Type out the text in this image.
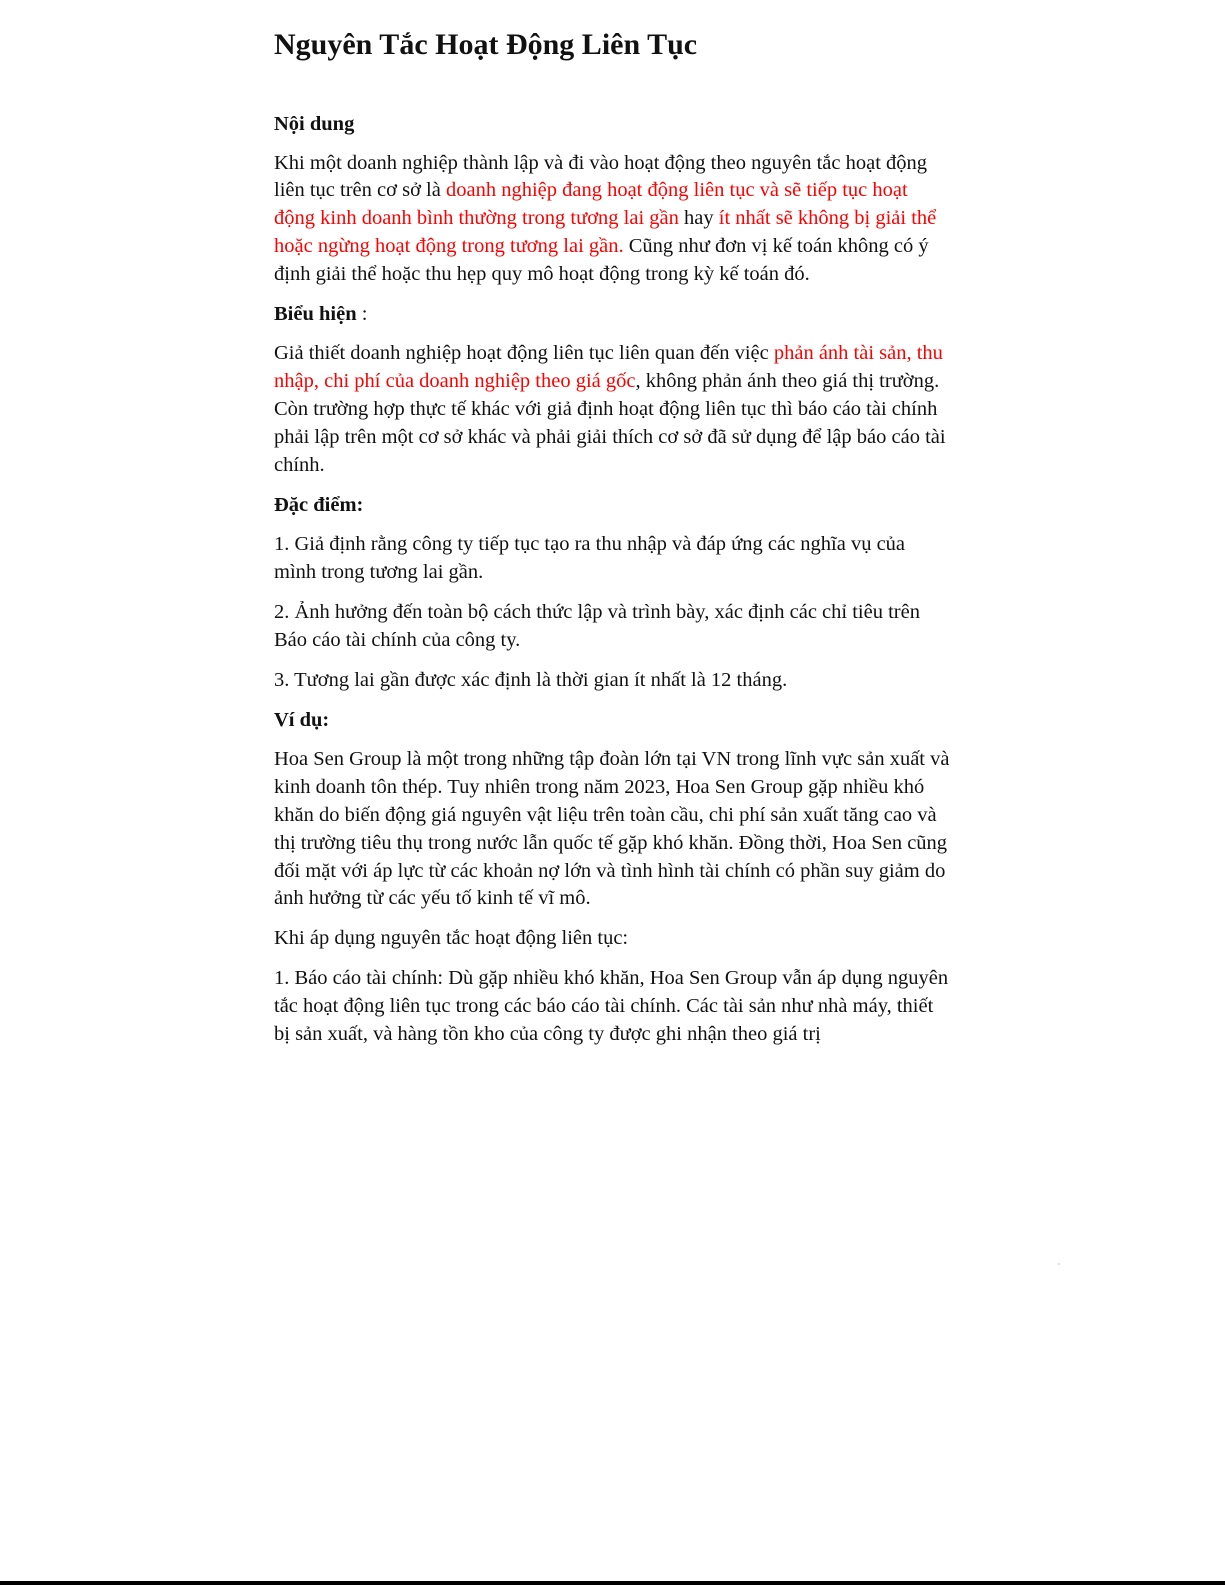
Nguyên Tắc Hoạt Động Liên Tục
Nội dung

Khi một doanh nghiệp thành lập và đi vào hoạt động theo nguyên tắc hoạt động liên tục trên cơ sở là doanh nghiệp đang hoạt động liên tục và sẽ tiếp tục hoạt động kinh doanh bình thường trong tương lai gần hay ít nhất sẽ không bị giải thể hoặc ngừng hoạt động trong tương lai gần. Cũng như đơn vị kế toán không có ý định giải thể hoặc thu hẹp quy mô hoạt động trong kỳ kế toán đó.

Biểu hiện :

Giả thiết doanh nghiệp hoạt động liên tục liên quan đến việc phản ánh tài sản, thu nhập, chi phí của doanh nghiệp theo giá gốc, không phản ánh theo giá thị trường. Còn trường hợp thực tế khác với giả định hoạt động liên tục thì báo cáo tài chính phải lập trên một cơ sở khác và phải giải thích cơ sở đã sử dụng để lập báo cáo tài chính.

Đặc điểm:

1. Giả định rằng công ty tiếp tục tạo ra thu nhập và đáp ứng các nghĩa vụ của mình trong tương lai gần.

2. Ảnh hưởng đến toàn bộ cách thức lập và trình bày, xác định các chỉ tiêu trên Báo cáo tài chính của công ty.

3. Tương lai gần được xác định là thời gian ít nhất là 12 tháng.

Ví dụ:

Hoa Sen Group là một trong những tập đoàn lớn tại VN trong lĩnh vực sản xuất và kinh doanh tôn thép. Tuy nhiên trong năm 2023, Hoa Sen Group gặp nhiều khó khăn do biến động giá nguyên vật liệu trên toàn cầu, chi phí sản xuất tăng cao và thị trường tiêu thụ trong nước lẫn quốc tế gặp khó khăn. Đồng thời, Hoa Sen cũng đối mặt với áp lực từ các khoản nợ lớn và tình hình tài chính có phần suy giảm do ảnh hưởng từ các yếu tố kinh tế vĩ mô.

Khi áp dụng nguyên tắc hoạt động liên tục:

1. Báo cáo tài chính: Dù gặp nhiều khó khăn, Hoa Sen Group vẫn áp dụng nguyên tắc hoạt động liên tục trong các báo cáo tài chính. Các tài sản như nhà máy, thiết bị sản xuất, và hàng tồn kho của công ty được ghi nhận theo giá trị
